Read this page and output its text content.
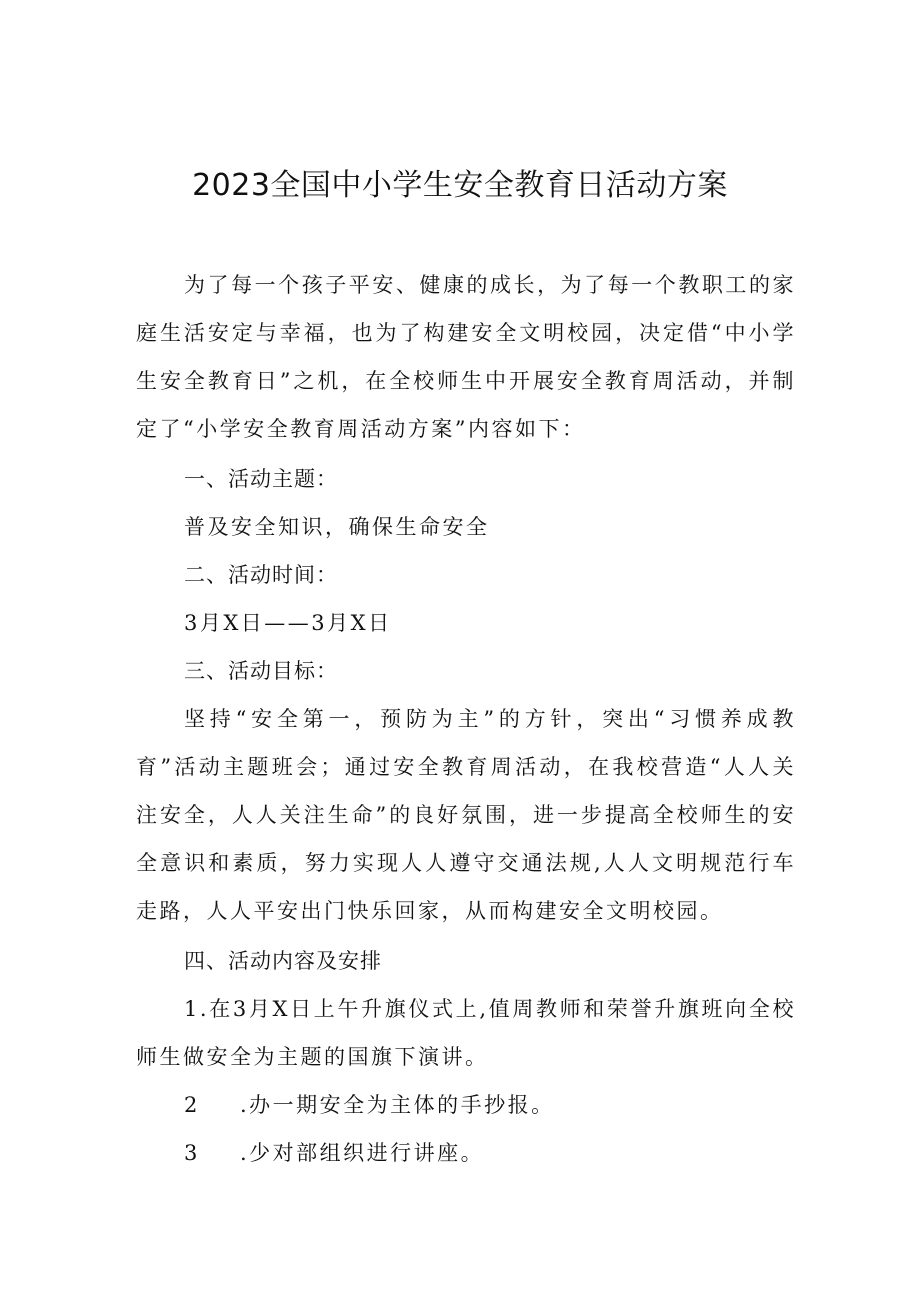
2023全国中小学生安全教育日活动方案

为了每一个孩子平安、健康的成长，为了每一个教职工的家庭生活安定与幸福，也为了构建安全文明校园，决定借“中小学生安全教育日”之机，在全校师生中开展安全教育周活动，并制定了“小学安全教育周活动方案”内容如下：

一、活动主题：

普及安全知识，确保生命安全

二、活动时间：

3月X日——3月X日

三、活动目标：

坚持“安全第一，预防为主”的方针，突出“习惯养成教育”活动主题班会；通过安全教育周活动，在我校营造“人人关注安全，人人关注生命”的良好氛围，进一步提高全校师生的安全意识和素质，努力实现人人遵守交通法规,人人文明规范行车走路，人人平安出门快乐回家，从而构建安全文明校园。

四、活动内容及安排

1.在3月X日上午升旗仪式上,值周教师和荣誉升旗班向全校师生做安全为主题的国旗下演讲。

2 .办一期安全为主体的手抄报。

3 .少对部组织进行讲座。
